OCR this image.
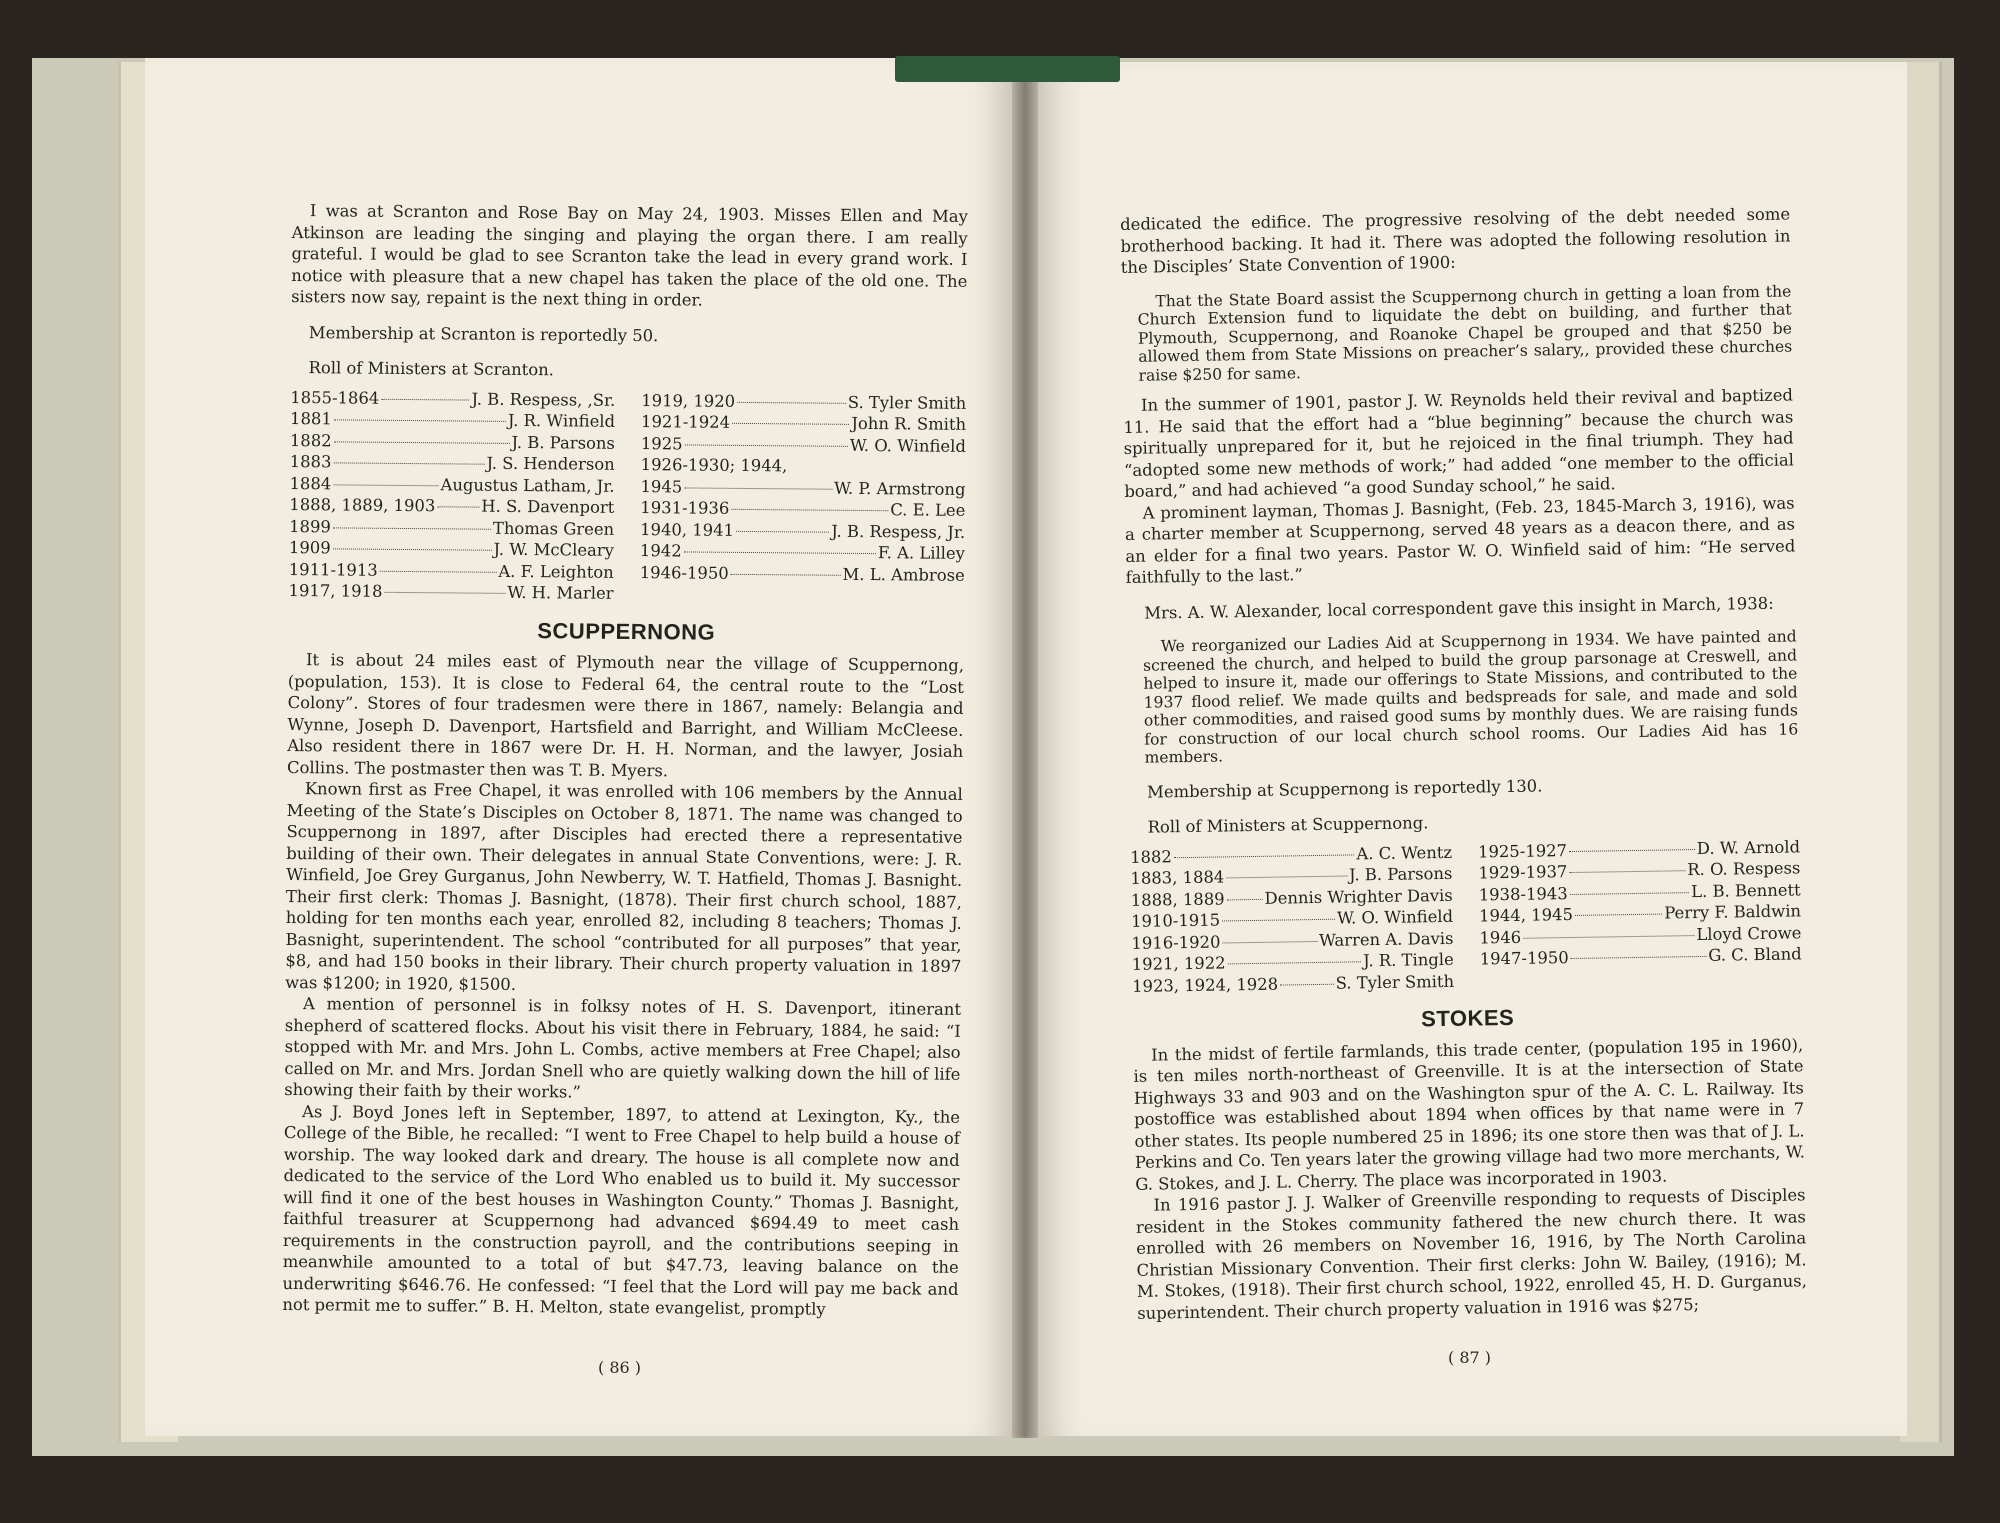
I was at Scranton and Rose Bay on May 24, 1903. Misses Ellen and May Atkinson are leading the singing and playing the organ there. I am really grateful. I would be glad to see Scranton take the lead in every grand work. I notice with pleasure that a new chapel has taken the place of the old one. The sisters now say, repaint is the next thing in order.

Membership at Scranton is reportedly 50.

Roll of Ministers at Scranton.

1855-1864	J. B. Respess, ,Sr.
1881	J. R. Winfield
1882	J. B. Parsons
1883	J. S. Henderson
1884	Augustus Latham, Jr.
1888, 1889, 1903	H. S. Davenport
1899	Thomas Green
1909	J. W. McCleary
1911-1913	A. F. Leighton
1917, 1918	W. H. Marler
1919, 1920	S. Tyler Smith
1921-1924	John R. Smith
1925	W. O. Winfield
1926-1930; 1944,
1945	W. P. Armstrong
1931-1936	C. E. Lee
1940, 1941	J. B. Respess, Jr.
1942	F. A. Lilley
1946-1950	M. L. Ambrose
SCUPPERNONG

It is about 24 miles east of Plymouth near the village of Scuppernong, (population, 153). It is close to Federal 64, the central route to the “Lost Colony”. Stores of four tradesmen were there in 1867, namely: Belangia and Wynne, Joseph D. Davenport, Hartsfield and Barright, and William McCleese. Also resident there in 1867 were Dr. H. H. Norman, and the lawyer, Josiah Collins. The postmaster then was T. B. Myers.

Known first as Free Chapel, it was enrolled with 106 members by the Annual Meeting of the State’s Disciples on October 8, 1871. The name was changed to Scuppernong in 1897, after Disciples had erected there a representative building of their own. Their delegates in annual State Conventions, were: J. R. Winfield, Joe Grey Gurganus, John Newberry, W. T. Hatfield, Thomas J. Basnight. Their first clerk: Thomas J. Basnight, (1878). Their first church school, 1887, holding for ten months each year, enrolled 82, including 8 teachers; Thomas J. Basnight, superintendent. The school “contributed for all purposes” that year, $8, and had 150 books in their library. Their church property valuation in 1897 was $1200; in 1920, $1500.

A mention of personnel is in folksy notes of H. S. Davenport, itinerant shepherd of scattered flocks. About his visit there in February, 1884, he said: “I stopped with Mr. and Mrs. John L. Combs, active members at Free Chapel; also called on Mr. and Mrs. Jordan Snell who are quietly walking down the hill of life showing their faith by their works.”

As J. Boyd Jones left in September, 1897, to attend at Lexington, Ky., the College of the Bible, he recalled: “I went to Free Chapel to help build a house of worship. The way looked dark and dreary. The house is all complete now and dedicated to the service of the Lord Who enabled us to build it. My successor will find it one of the best houses in Washington County.” Thomas J. Basnight, faithful treasurer at Scuppernong had advanced $694.49 to meet cash requirements in the construction payroll, and the contributions seeping in meanwhile amounted to a total of but $47.73, leaving balance on the underwriting $646.76. He confessed: “I feel that the Lord will pay me back and not permit me to suffer.” B. H. Melton, state evangelist, promptly

( 86 )

dedicated the edifice. The progressive resolving of the debt needed some brotherhood backing. It had it. There was adopted the following resolution in the Disciples’ State Convention of 1900:

That the State Board assist the Scuppernong church in getting a loan from the Church Extension fund to liquidate the debt on building, and further that Plymouth, Scuppernong, and Roanoke Chapel be grouped and that $250 be allowed them from State Missions on preacher’s salary,, provided these churches raise $250 for same.

In the summer of 1901, pastor J. W. Reynolds held their revival and baptized 11. He said that the effort had a “blue beginning” because the church was spiritually unprepared for it, but he rejoiced in the final triumph. They had “adopted some new methods of work;” had added “one member to the official board,” and had achieved “a good Sunday school,” he said.

A prominent layman, Thomas J. Basnight, (Feb. 23, 1845-March 3, 1916), was a charter member at Scuppernong, served 48 years as a deacon there, and as an elder for a final two years. Pastor W. O. Winfield said of him: “He served faithfully to the last.”

Mrs. A. W. Alexander, local correspondent gave this insight in March, 1938:

We reorganized our Ladies Aid at Scuppernong in 1934. We have painted and screened the church, and helped to build the group parsonage at Creswell, and helped to insure it, made our offerings to State Missions, and contributed to the 1937 flood relief. We made quilts and bedspreads for sale, and made and sold other commodities, and raised good sums by monthly dues. We are raising funds for construction of our local church school rooms. Our Ladies Aid has 16 members.

Membership at Scuppernong is reportedly 130.

Roll of Ministers at Scuppernong.

1882	A. C. Wentz
1883, 1884	J. B. Parsons
1888, 1889 Dennis Wrighter Davis
1910-1915	W. O. Winfield
1916-1920	Warren A. Davis
1921, 1922	J. R. Tingle
1923, 1924, 1928	S. Tyler Smith
1925-1927	D. W. Arnold
1929-1937	R. O. Respess
1938-1943	L. B. Bennett
1944, 1945	Perry F. Baldwin
1946	Lloyd Crowe
1947-1950	G. C. Bland
STOKES

In the midst of fertile farmlands, this trade center, (population 195 in 1960), is ten miles north-northeast of Greenville. It is at the intersection of State Highways 33 and 903 and on the Washington spur of the A. C. L. Railway. Its postoffice was established about 1894 when offices by that name were in 7 other states. Its people numbered 25 in 1896; its one store then was that of J. L. Perkins and Co. Ten years later the growing village had two more merchants, W. G. Stokes, and J. L. Cherry. The place was incorporated in 1903.

In 1916 pastor J. J. Walker of Greenville responding to requests of Disciples resident in the Stokes community fathered the new church there. It was enrolled with 26 members on November 16, 1916, by The North Carolina Christian Missionary Convention. Their first clerks: John W. Bailey, (1916); M. M. Stokes, (1918). Their first church school, 1922, enrolled 45, H. D. Gurganus, superintendent. Their church property valuation in 1916 was $275;

( 87 )
